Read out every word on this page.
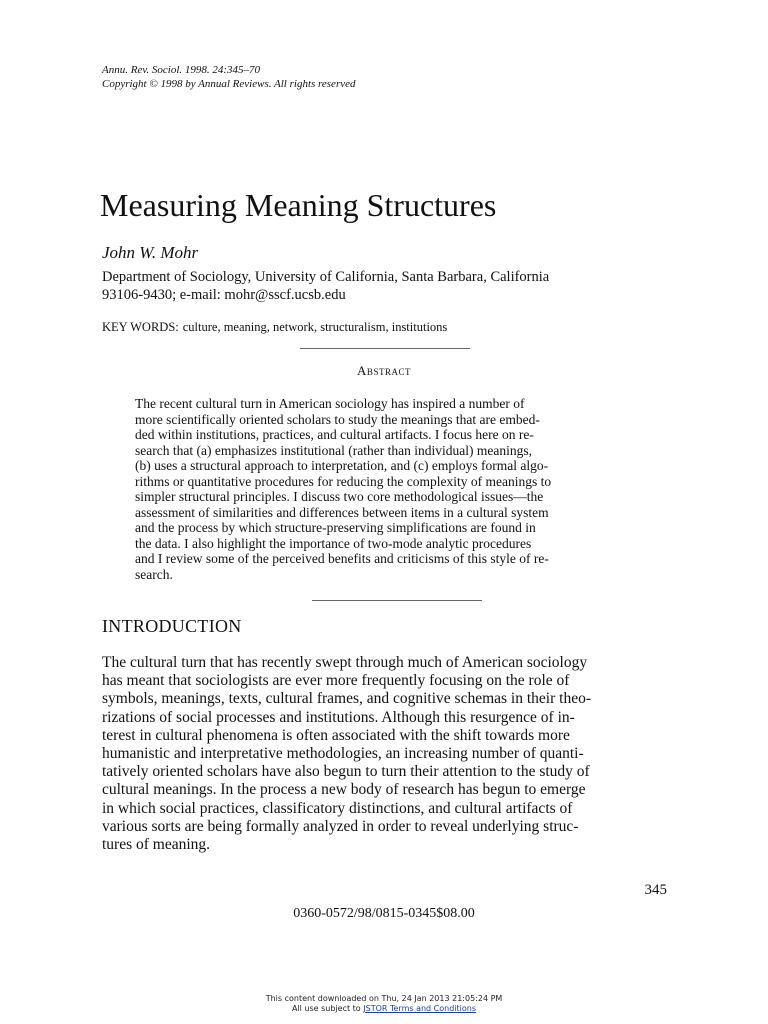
Annu. Rev. Sociol. 1998. 24:345–70
Copyright © 1998 by Annual Reviews. All rights reserved
Measuring Meaning Structures
John W. Mohr
Department of Sociology, University of California, Santa Barbara, California
93106-9430; e-mail: mohr@sscf.ucsb.edu
KEY WORDS: culture, meaning, network, structuralism, institutions
Abstract
The recent cultural turn in American sociology has inspired a number of
more scientifically oriented scholars to study the meanings that are embed-
ded within institutions, practices, and cultural artifacts. I focus here on re-
search that (a) emphasizes institutional (rather than individual) meanings,
(b) uses a structural approach to interpretation, and (c) employs formal algo-
rithms or quantitative procedures for reducing the complexity of meanings to
simpler structural principles. I discuss two core methodological issues—the
assessment of similarities and differences between items in a cultural system
and the process by which structure-preserving simplifications are found in
the data. I also highlight the importance of two-mode analytic procedures
and I review some of the perceived benefits and criticisms of this style of re-
search.
INTRODUCTION
The cultural turn that has recently swept through much of American sociology
has meant that sociologists are ever more frequently focusing on the role of
symbols, meanings, texts, cultural frames, and cognitive schemas in their theo-
rizations of social processes and institutions. Although this resurgence of in-
terest in cultural phenomena is often associated with the shift towards more
humanistic and interpretative methodologies, an increasing number of quanti-
tatively oriented scholars have also begun to turn their attention to the study of
cultural meanings. In the process a new body of research has begun to emerge
in which social practices, classificatory distinctions, and cultural artifacts of
various sorts are being formally analyzed in order to reveal underlying struc-
tures of meaning.
345
0360-0572/98/0815-0345$08.00
This content downloaded on Thu, 24 Jan 2013 21:05:24 PM
All use subject to JSTOR Terms and Conditions
